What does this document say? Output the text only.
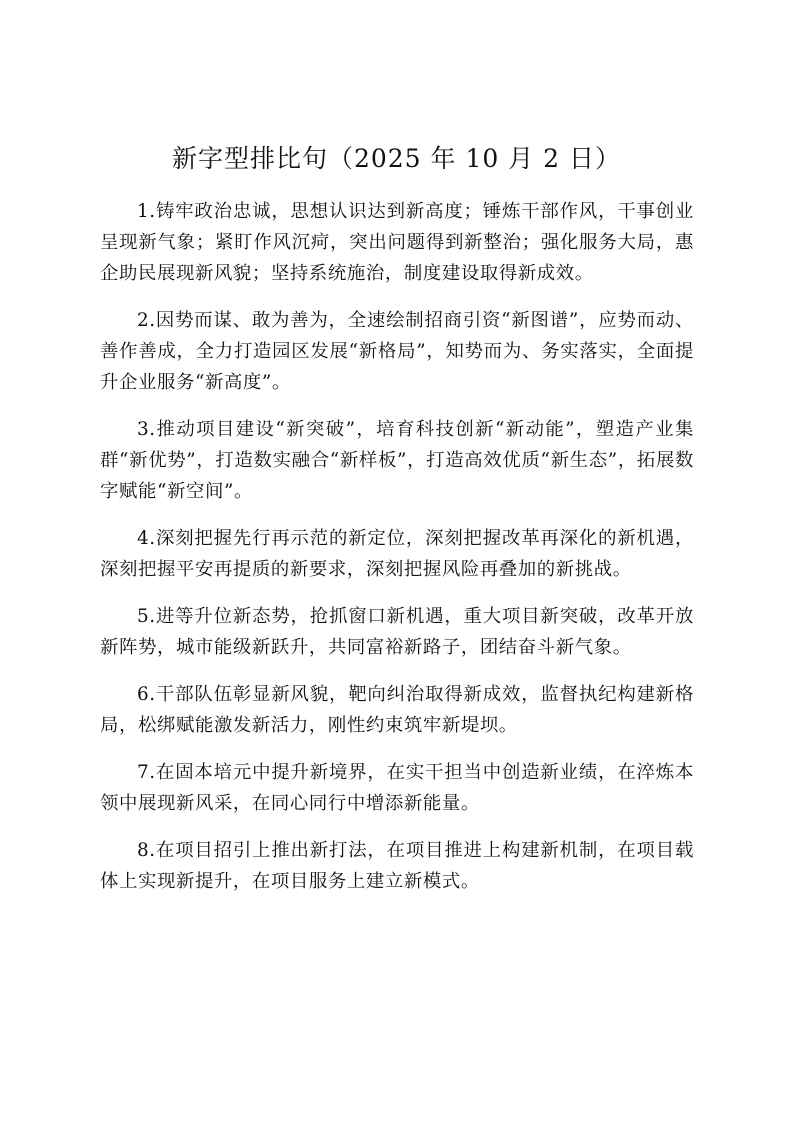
新字型排比句（2025 年 10 月 2 日）

1.铸牢政治忠诚，思想认识达到新高度；锤炼干部作风，干事创业呈现新气象；紧盯作风沉疴，突出问题得到新整治；强化服务大局，惠企助民展现新风貌；坚持系统施治，制度建设取得新成效。

2.因势而谋、敢为善为，全速绘制招商引资“新图谱”，应势而动、善作善成，全力打造园区发展“新格局”，知势而为、务实落实，全面提升企业服务“新高度”。

3.推动项目建设“新突破”，培育科技创新“新动能”，塑造产业集群“新优势”，打造数实融合“新样板”，打造高效优质“新生态”，拓展数字赋能“新空间”。

4.深刻把握先行再示范的新定位，深刻把握改革再深化的新机遇，深刻把握平安再提质的新要求，深刻把握风险再叠加的新挑战。

5.进等升位新态势，抢抓窗口新机遇，重大项目新突破，改革开放新阵势，城市能级新跃升，共同富裕新路子，团结奋斗新气象。

6.干部队伍彰显新风貌，靶向纠治取得新成效，监督执纪构建新格局，松绑赋能激发新活力，刚性约束筑牢新堤坝。

7.在固本培元中提升新境界，在实干担当中创造新业绩，在淬炼本领中展现新风采，在同心同行中增添新能量。

8.在项目招引上推出新打法，在项目推进上构建新机制，在项目载体上实现新提升，在项目服务上建立新模式。
